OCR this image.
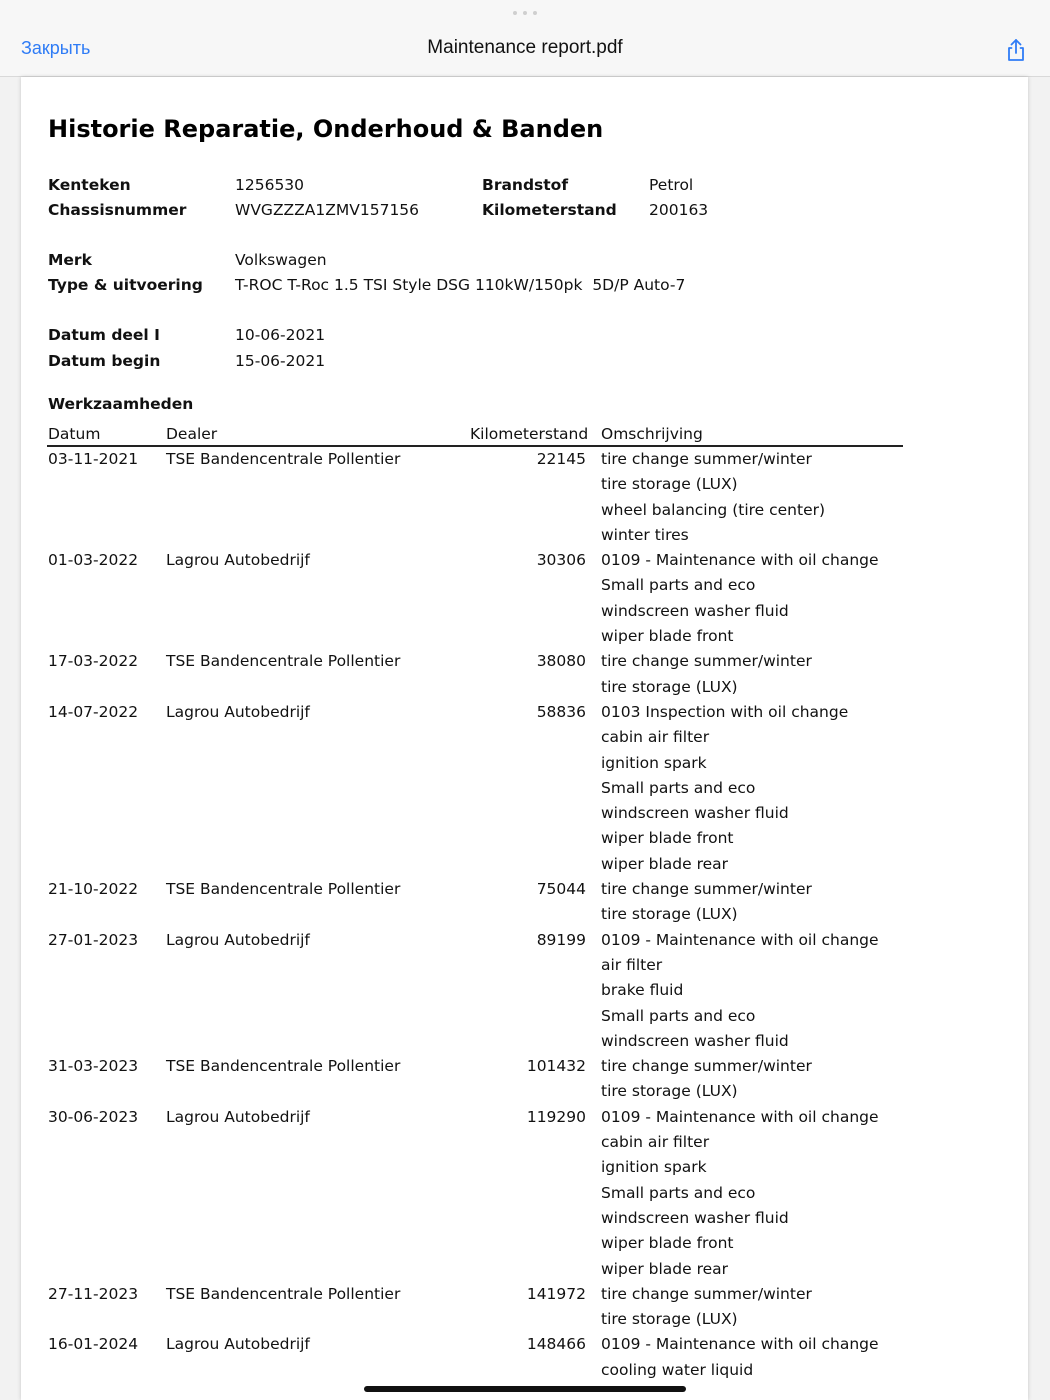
Закрыть	Maintenance report.pdf
Historie Reparatie, Onderhoud & Banden
Kenteken	1256530	Brandstof	Petrol
Chassisnummer	WVGZZZA1ZMV157156	Kilometerstand 200163
Merk	Volkswagen
Type & uitvoering T-ROC T-Roc 1.5 TSI Style DSG 110kW/150pk  5D/P Auto-7
Datum deel I	10-06-2021
Datum begin	15-06-2021
Werkzaamheden
Datum	Dealer	Kilometerstand Omschrijving
03-11-2021 TSE Bandencentrale Pollentier	22145 tire change summer/winter
tire storage (LUX)
wheel balancing (tire center)
winter tires
01-03-2022 Lagrou Autobedrijf	30306 0109 - Maintenance with oil change
Small parts and eco
windscreen washer fluid
wiper blade front
17-03-2022 TSE Bandencentrale Pollentier	38080 tire change summer/winter
tire storage (LUX)
14-07-2022 Lagrou Autobedrijf	58836 0103 Inspection with oil change
cabin air filter
ignition spark
Small parts and eco
windscreen washer fluid
wiper blade front
wiper blade rear
21-10-2022 TSE Bandencentrale Pollentier	75044 tire change summer/winter
tire storage (LUX)
27-01-2023 Lagrou Autobedrijf	89199 0109 - Maintenance with oil change
air filter
brake fluid
Small parts and eco
windscreen washer fluid
31-03-2023 TSE Bandencentrale Pollentier	101432 tire change summer/winter
tire storage (LUX)
30-06-2023 Lagrou Autobedrijf	119290 0109 - Maintenance with oil change
cabin air filter
ignition spark
Small parts and eco
windscreen washer fluid
wiper blade front
wiper blade rear
27-11-2023 TSE Bandencentrale Pollentier	141972 tire change summer/winter
tire storage (LUX)
16-01-2024 Lagrou Autobedrijf	148466 0109 - Maintenance with oil change
cooling water liquid
